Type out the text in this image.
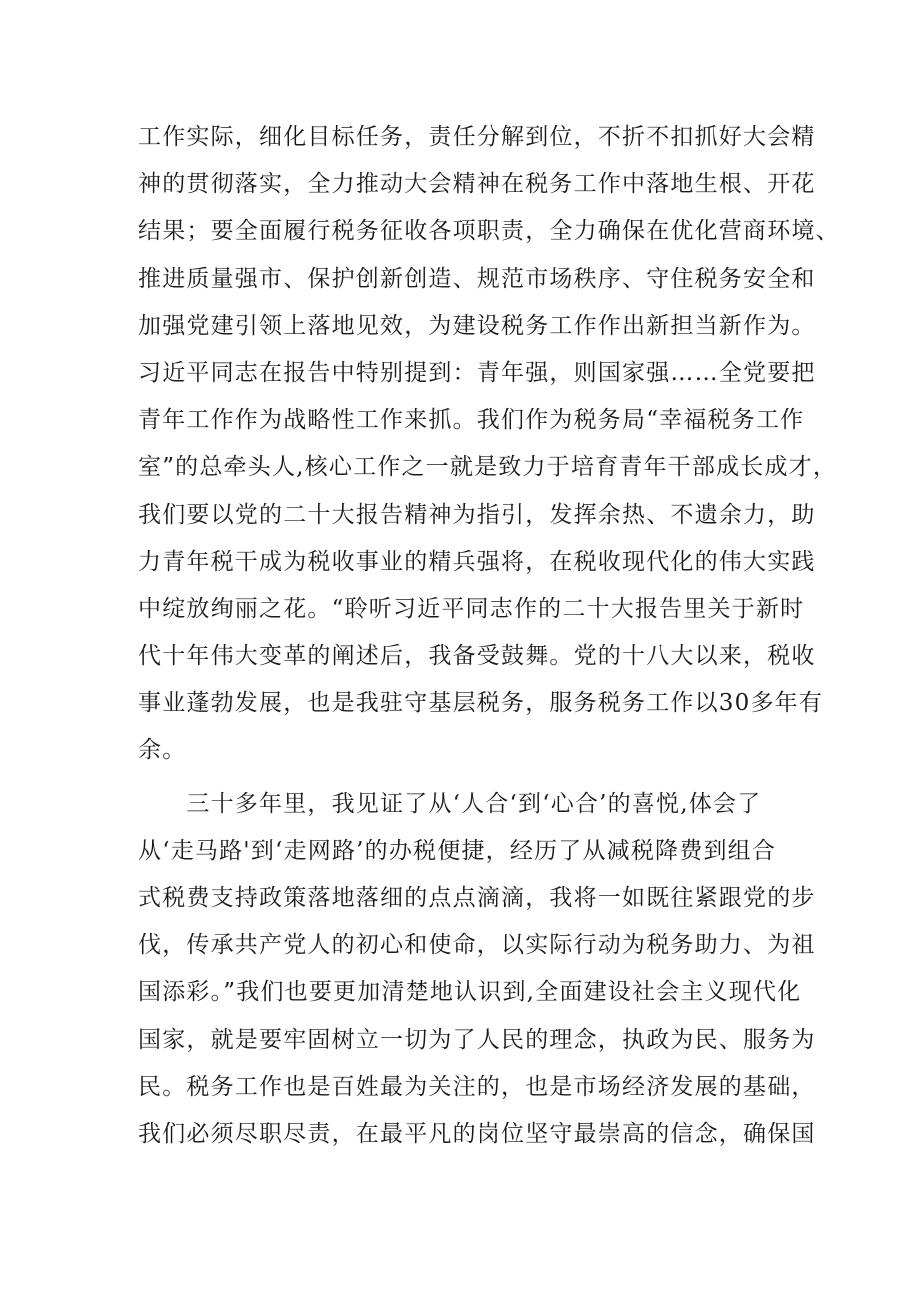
工作实际，细化目标任务，责任分解到位，不折不扣抓好大会精
神的贯彻落实，全力推动大会精神在税务工作中落地生根、开花
结果；要全面履行税务征收各项职责，全力确保在优化营商环境、
推进质量强市、保护创新创造、规范市场秩序、守住税务安全和
加强党建引领上落地见效，为建设税务工作作出新担当新作为。
习近平同志在报告中特别提到：青年强，则国家强……全党要把
青年工作作为战略性工作来抓。我们作为税务局“幸福税务工作
室”的总牵头人,核心工作之一就是致力于培育青年干部成长成才，
我们要以党的二十大报告精神为指引，发挥余热、不遗余力，助
力青年税干成为税收事业的精兵强将，在税收现代化的伟大实践
中绽放绚丽之花。“聆听习近平同志作的二十大报告里关于新时
代十年伟大变革的阐述后，我备受鼓舞。党的十八大以来，税收
事业蓬勃发展，也是我驻守基层税务，服务税务工作以30多年有
余。
　　三十多年里，我见证了从‘人合‘到‘心合’的喜悦,体会了
从‘走马路'到‘走网路’的办税便捷，经历了从减税降费到组合
式税费支持政策落地落细的点点滴滴，我将一如既往紧跟党的步
伐，传承共产党人的初心和使命，以实际行动为税务助力、为祖
国添彩。”我们也要更加清楚地认识到,全面建设社会主义现代化
国家，就是要牢固树立一切为了人民的理念，执政为民、服务为
民。税务工作也是百姓最为关注的，也是市场经济发展的基础，
我们必须尽职尽责，在最平凡的岗位坚守最崇高的信念，确保国
